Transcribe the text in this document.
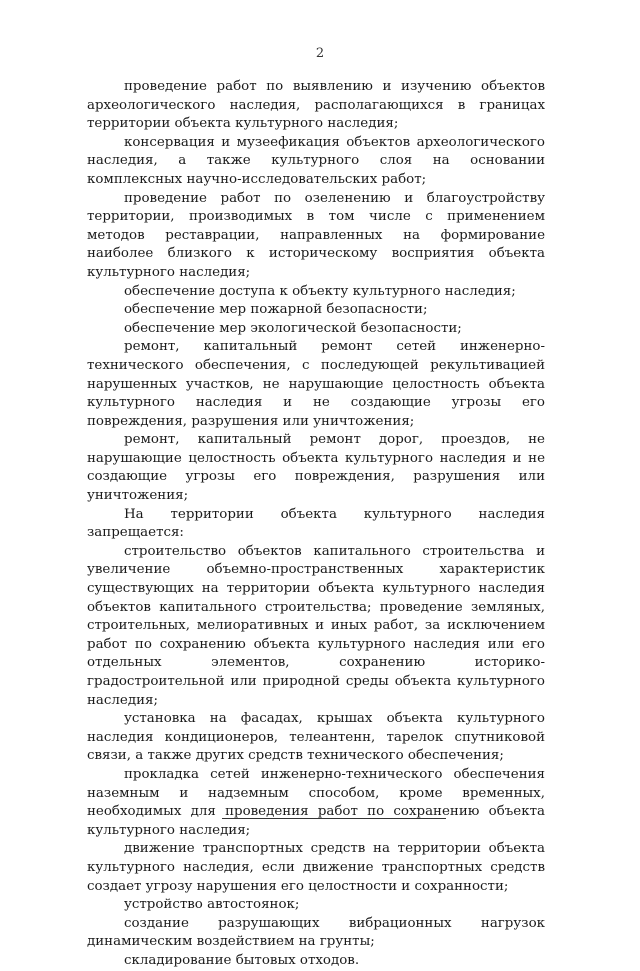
2

проведение работ по выявлению и изучению объектов археологического наследия, располагающихся в границах территории объекта культурного наследия;

консервация и музеефикация объектов археологического наследия, а также культурного слоя на основании комплексных научно-исследовательских работ;

проведение работ по озеленению и благоустройству территории, производимых в том числе с применением методов реставрации, направленных на формирование наиболее близкого к историческому восприятия объекта культурного наследия;

обеспечение доступа к объекту культурного наследия;

обеспечение мер пожарной безопасности;

обеспечение мер экологической безопасности;

ремонт, капитальный ремонт сетей инженерно-технического обеспечения, с последующей рекультивацией нарушенных участков, не нарушающие целостность объекта культурного наследия и не создающие угрозы его повреждения, разрушения или уничтожения;

ремонт, капитальный ремонт дорог, проездов, не нарушающие целостность объекта культурного наследия и не создающие угрозы его повреждения, разрушения или уничтожения;

На территории объекта культурного наследия запрещается:

строительство объектов капитального строительства и увеличение объемно-пространственных характеристик существующих на территории объекта культурного наследия объектов капитального строительства; проведение земляных, строительных, мелиоративных и иных работ, за исключением работ по сохранению объекта культурного наследия или его отдельных элементов, сохранению историко-градостроительной или природной среды объекта культурного наследия;

установка на фасадах, крышах объекта культурного наследия кондиционеров, телеантенн, тарелок спутниковой связи, а также других средств технического обеспечения;

прокладка сетей инженерно-технического обеспечения наземным и надземным способом, кроме временных, необходимых для проведения работ по сохранению объекта культурного наследия;

движение транспортных средств на территории объекта культурного наследия, если движение транспортных средств создает угрозу нарушения его целостности и сохранности;

устройство автостоянок;

создание разрушающих вибрационных нагрузок динамическим воздействием на грунты;

складирование бытовых отходов.
